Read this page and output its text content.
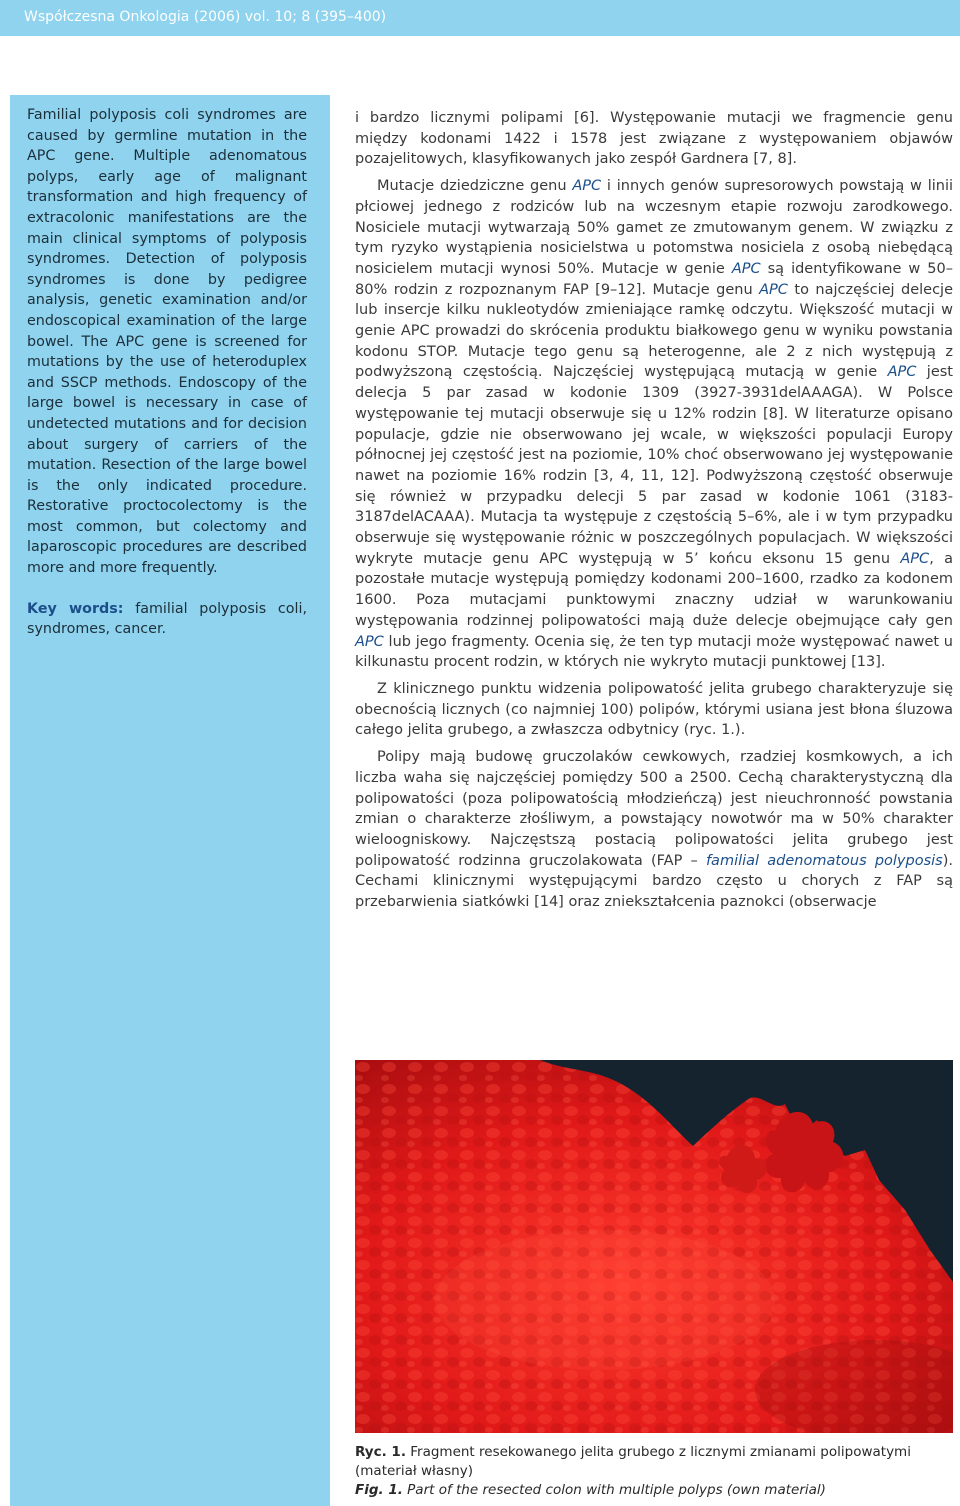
Współczesna Onkologia (2006) vol. 10; 8 (395–400)

Familial polyposis coli syndromes are caused by germline mutation in the APC gene. Multiple adenomatous polyps, early age of malignant transformation and high frequency of extracolonic manifestations are the main clinical symptoms of polyposis syndromes. Detection of polyposis syndromes is done by pedigree analysis, genetic examination and/or endoscopical examination of the large bowel. The APC gene is screened for mutations by the use of heteroduplex and SSCP methods. Endoscopy of the large bowel is necessary in case of undetected mutations and for decision about surgery of carriers of the mutation. Resection of the large bowel is the only indicated procedure. Restorative proctocolectomy is the most common, but colectomy and laparoscopic procedures are described more and more frequently.

Key words: familial polyposis coli, syndromes, cancer.

i bardzo licznymi polipami [6]. Występowanie mutacji we fragmencie genu między kodonami 1422 i 1578 jest związane z występowaniem objawów pozajelitowych, klasyfikowanych jako zespół Gardnera [7, 8].

Mutacje dziedziczne genu APC i innych genów supresorowych powstają w linii płciowej jednego z rodziców lub na wczesnym etapie rozwoju zarodkowego. Nosiciele mutacji wytwarzają 50% gamet ze zmutowanym genem. W związku z tym ryzyko wystąpienia nosicielstwa u potomstwa nosiciela z osobą niebędącą nosicielem mutacji wynosi 50%. Mutacje w genie APC są identyfikowane w 50–80% rodzin z rozpoznanym FAP [9–12]. Mutacje genu APC to najczęściej delecje lub insercje kilku nukleotydów zmieniające ramkę odczytu. Większość mutacji w genie APC prowadzi do skrócenia produktu białkowego genu w wyniku powstania kodonu STOP. Mutacje tego genu są heterogenne, ale 2 z nich występują z podwyższoną częstością. Najczęściej występującą mutacją w genie APC jest delecja 5 par zasad w kodonie 1309 (3927-3931delAAAGA). W Polsce występowanie tej mutacji obserwuje się u 12% rodzin [8]. W literaturze opisano populacje, gdzie nie obserwowano jej wcale, w większości populacji Europy północnej jej częstość jest na poziomie, 10% choć obserwowano jej występowanie nawet na poziomie 16% rodzin [3, 4, 11, 12]. Podwyższoną częstość obserwuje się również w przypadku delecji 5 par zasad w kodonie 1061 (3183-3187delACAAA). Mutacja ta występuje z częstością 5–6%, ale i w tym przypadku obserwuje się występowanie różnic w poszczególnych populacjach. W większości wykryte mutacje genu APC występują w 5’ końcu eksonu 15 genu APC, a pozostałe mutacje występują pomiędzy kodonami 200–1600, rzadko za kodonem 1600. Poza mutacjami punktowymi znaczny udział w warunkowaniu występowania rodzinnej polipowatości mają duże delecje obejmujące cały gen APC lub jego fragmenty. Ocenia się, że ten typ mutacji może występować nawet u kilkunastu procent rodzin, w których nie wykryto mutacji punktowej [13].

Z klinicznego punktu widzenia polipowatość jelita grubego charakteryzuje się obecnością licznych (co najmniej 100) polipów, którymi usiana jest błona śluzowa całego jelita grubego, a zwłaszcza odbytnicy (ryc. 1.).

Polipy mają budowę gruczolaków cewkowych, rzadziej kosmkowych, a ich liczba waha się najczęściej pomiędzy 500 a 2500. Cechą charakterystyczną dla polipowatości (poza polipowatością młodzieńczą) jest nieuchronność powstania zmian o charakterze złośliwym, a powstający nowotwór ma w 50% charakter wieloogniskowy. Najczęstszą postacią polipowatości jelita grubego jest polipowatość rodzinna gruczolakowata (FAP – familial adenomatous polyposis). Cechami klinicznymi występującymi bardzo często u chorych z FAP są przebarwienia siatkówki [14] oraz zniekształcenia paznokci (obserwacje

Ryc. 1. Fragment resekowanego jelita grubego z licznymi zmianami polipowatymi (materiał własny)
Fig. 1. Part of the resected colon with multiple polyps (own material)
